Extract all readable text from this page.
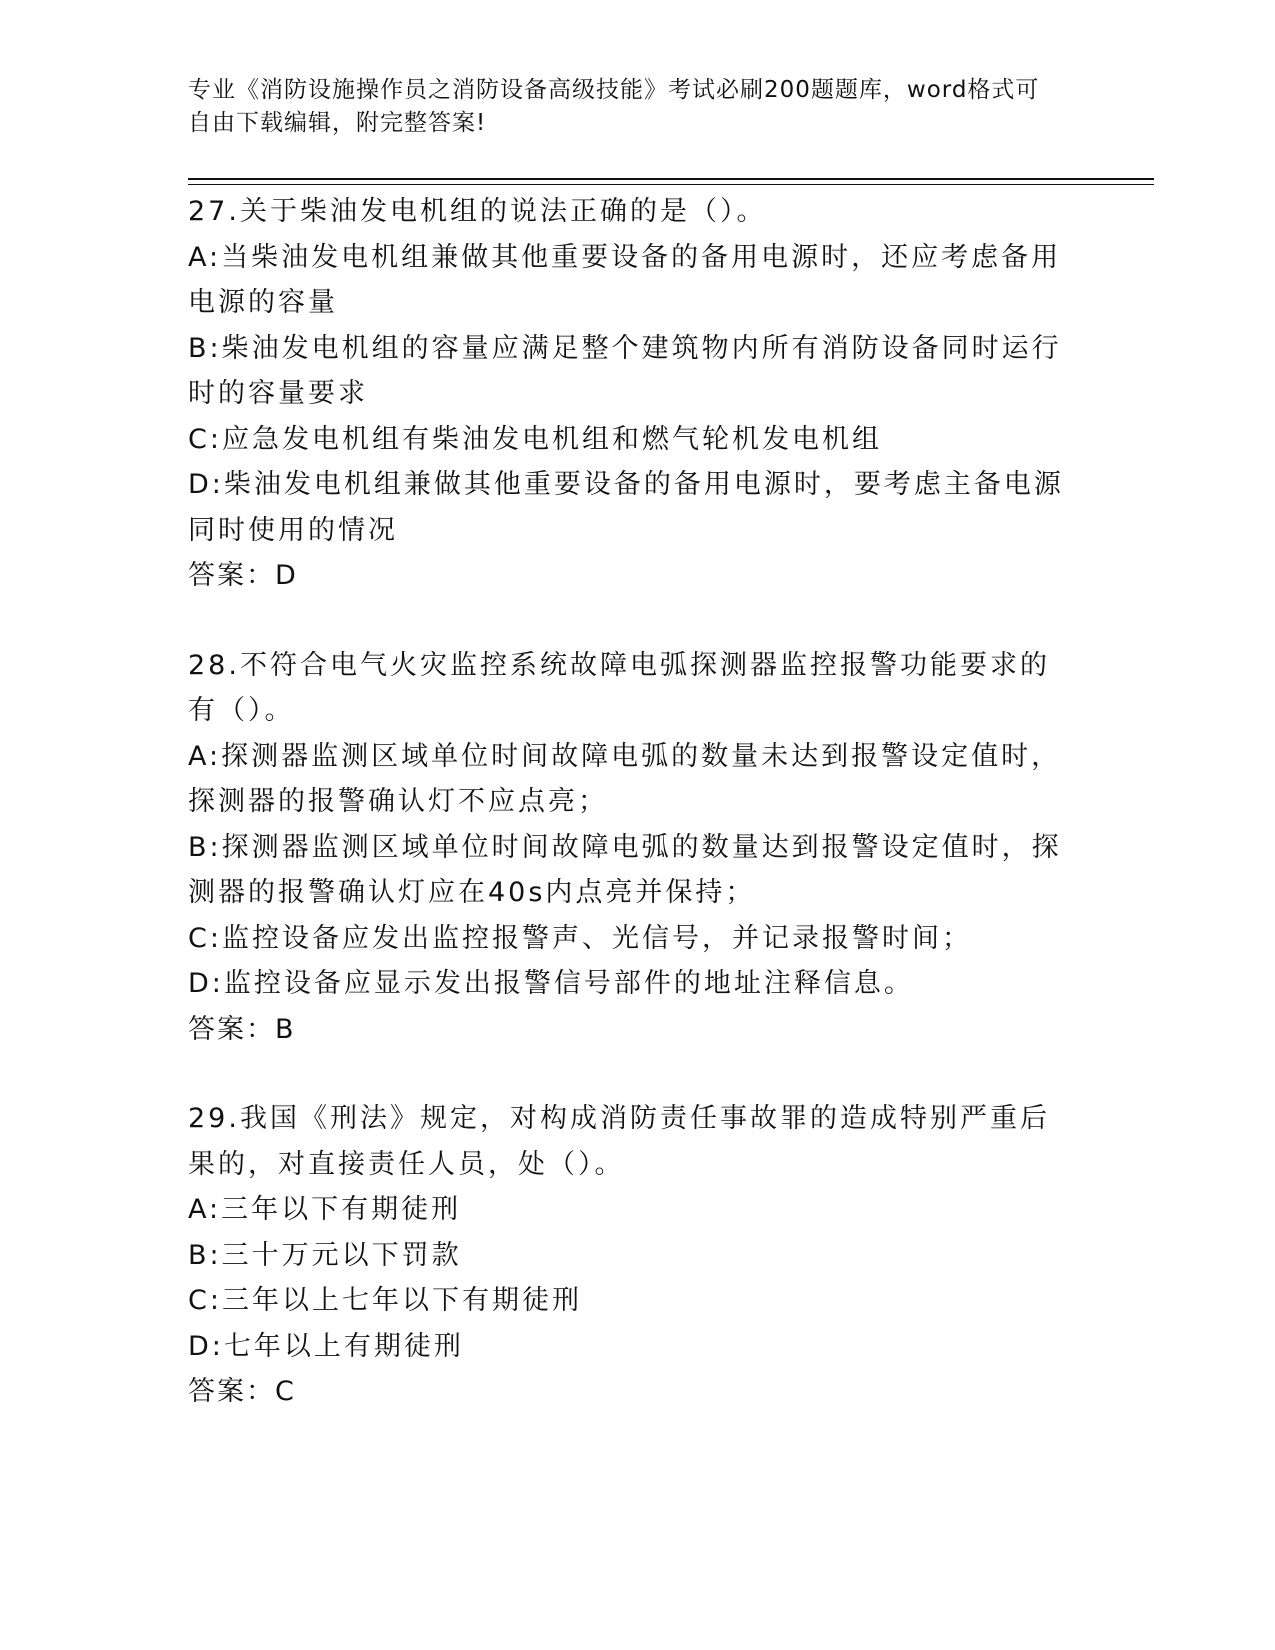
专业《消防设施操作员之消防设备高级技能》考试必刷200题题库，word格式可
自由下载编辑，附完整答案!
27.关于柴油发电机组的说法正确的是（）。
A:当柴油发电机组兼做其他重要设备的备用电源时，还应考虑备用电源的容量
B:柴油发电机组的容量应满足整个建筑物内所有消防设备同时运行时的容量要求
C:应急发电机组有柴油发电机组和燃气轮机发电机组
D:柴油发电机组兼做其他重要设备的备用电源时，要考虑主备电源同时使用的情况
答案：D
28.不符合电气火灾监控系统故障电弧探测器监控报警功能要求的有（）。
A:探测器监测区域单位时间故障电弧的数量未达到报警设定值时，探测器的报警确认灯不应点亮；
B:探测器监测区域单位时间故障电弧的数量达到报警设定值时，探测器的报警确认灯应在40s内点亮并保持；
C:监控设备应发出监控报警声、光信号，并记录报警时间；
D:监控设备应显示发出报警信号部件的地址注释信息。
答案：B
29.我国《刑法》规定，对构成消防责任事故罪的造成特别严重后果的，对直接责任人员，处（）。
A:三年以下有期徒刑
B:三十万元以下罚款
C:三年以上七年以下有期徒刑
D:七年以上有期徒刑
答案：C
